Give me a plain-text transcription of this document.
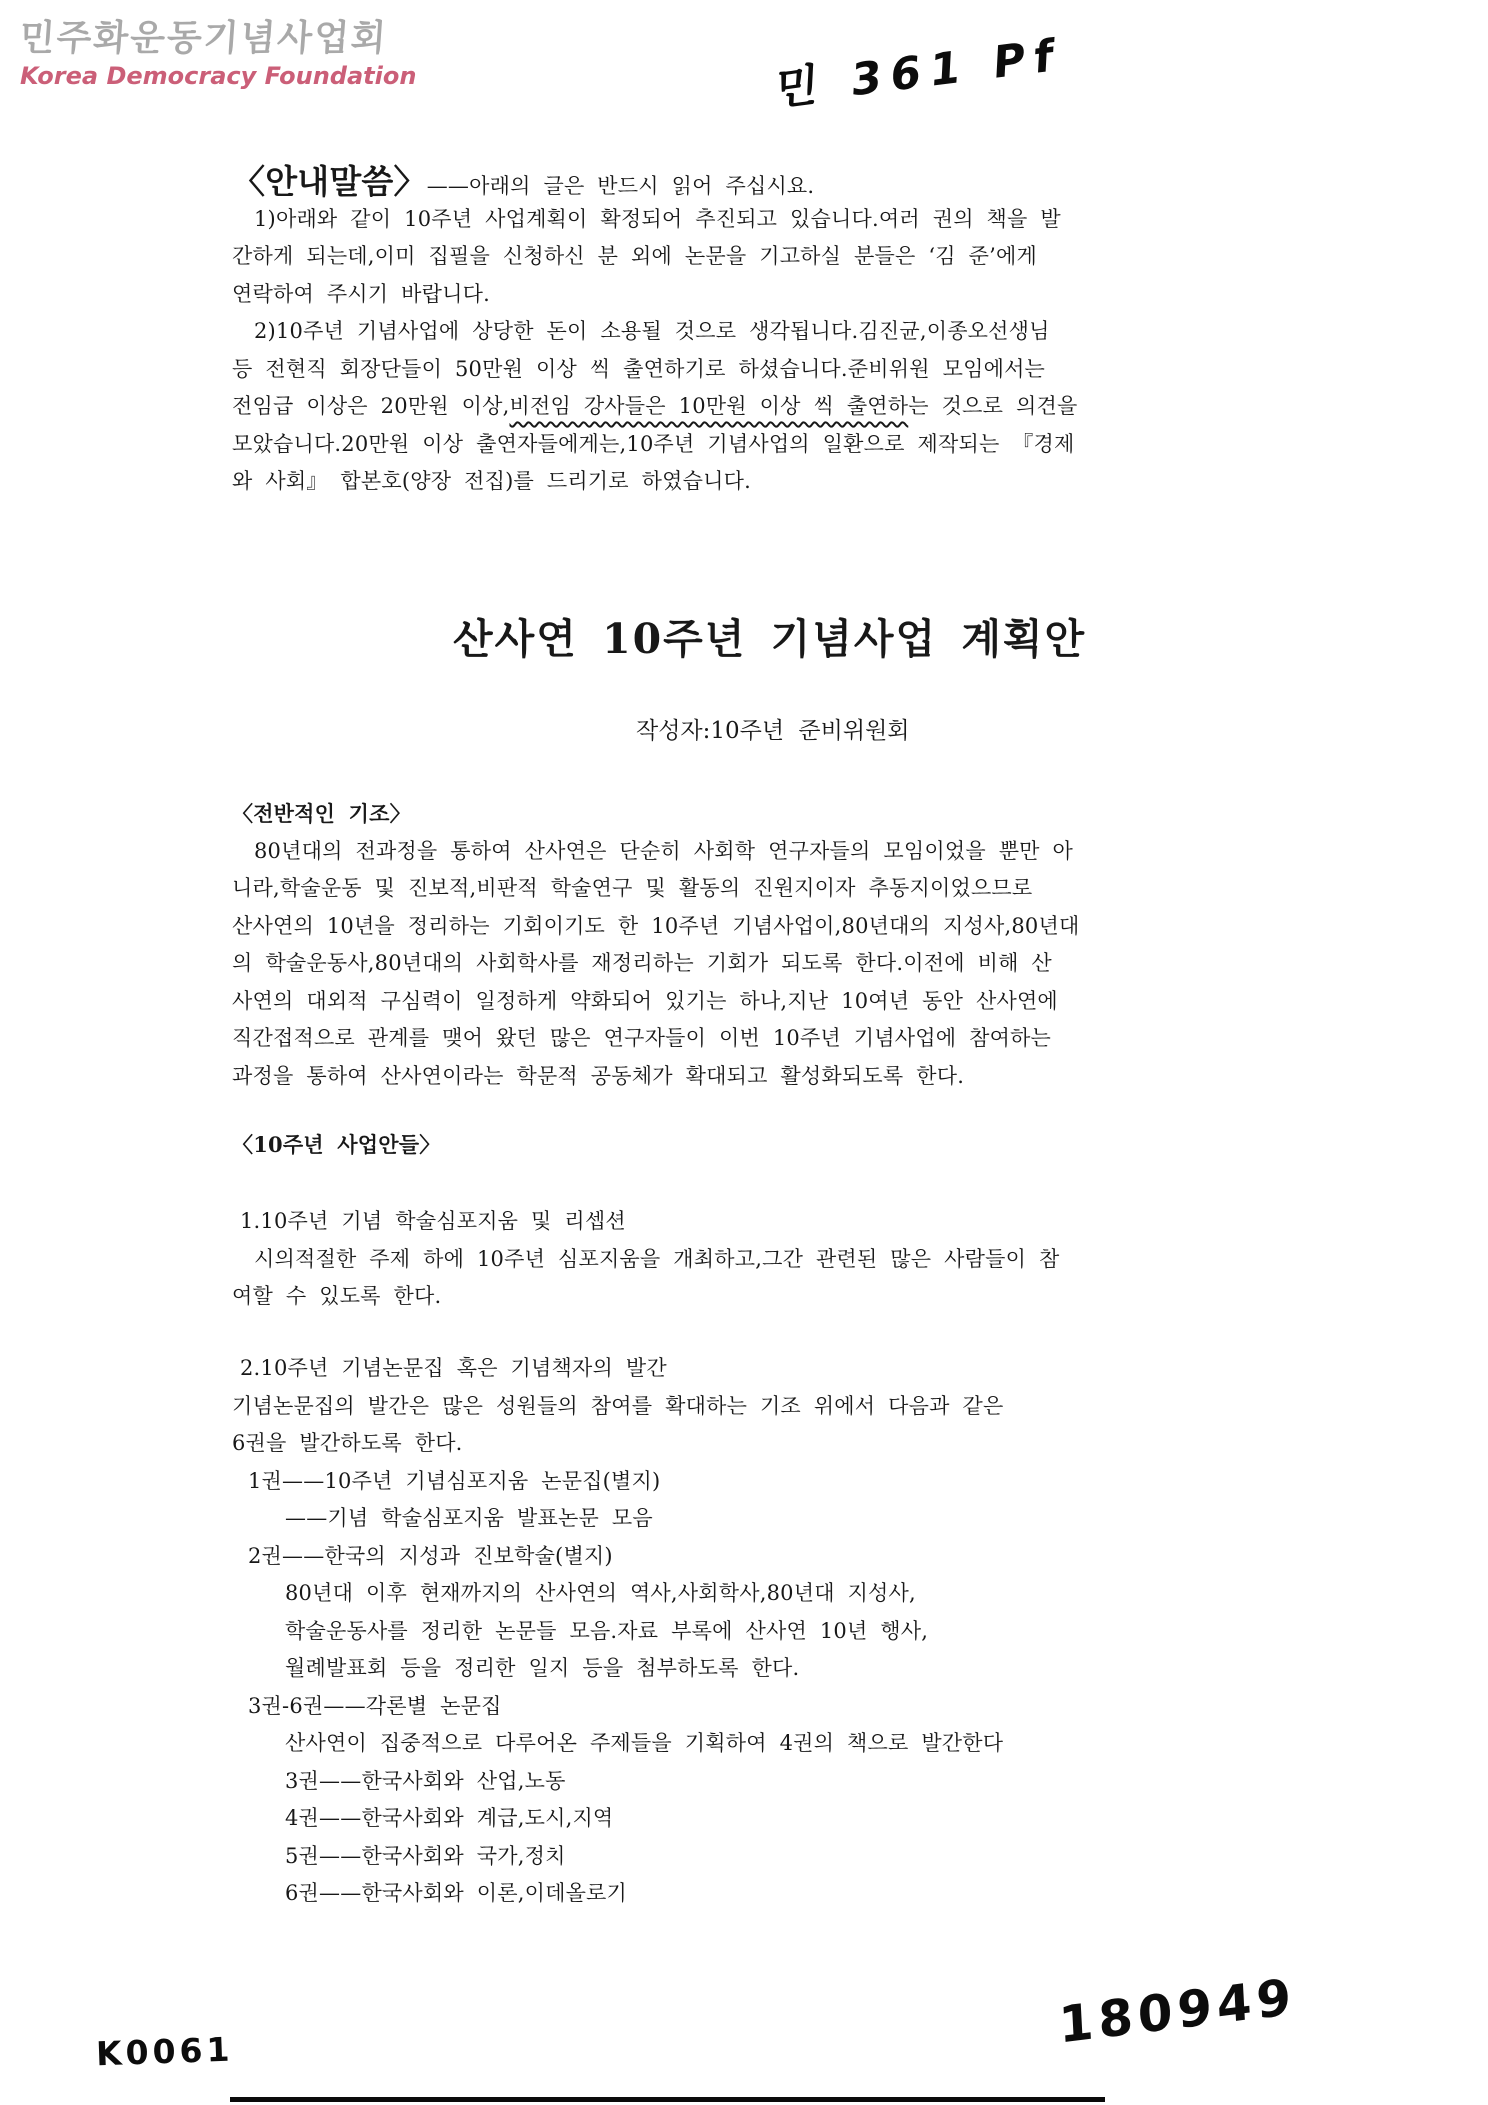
민주화운동기념사업회
Korea Democracy Foundation	민 361 Pf
〈안내말씀〉——아래의 글은 반드시 읽어 주십시요.
1)아래와 같이 10주년 사업계획이 확정되어 추진되고 있습니다.여러 권의 책을 발
간하게 되는데,이미 집필을 신청하신 분 외에 논문을 기고하실 분들은 ‘김 준’에게
연락하여 주시기 바랍니다.
2)10주년 기념사업에 상당한 돈이 소용될 것으로 생각됩니다.김진균,이종오선생님
등 전현직 회장단들이 50만원 이상 씩 출연하기로 하셨습니다.준비위원 모임에서는
전임급 이상은 20만원 이상,비전임 강사들은 10만원 이상 씩 출연하는 것으로 의견을
모았습니다.20만원 이상 출연자들에게는,10주년 기념사업의 일환으로 제작되는 『경제
와 사회』 합본호(양장 전집)를 드리기로 하였습니다.
산사연 10주년 기념사업 계획안
작성자:10주년 준비위원회
〈전반적인 기조〉
80년대의 전과정을 통하여 산사연은 단순히 사회학 연구자들의 모임이었을 뿐만 아
니라,학술운동 및 진보적,비판적 학술연구 및 활동의 진원지이자 추동지이었으므로
산사연의 10년을 정리하는 기회이기도 한 10주년 기념사업이,80년대의 지성사,80년대
의 학술운동사,80년대의 사회학사를 재정리하는 기회가 되도록 한다.이전에 비해 산
사연의 대외적 구심력이 일정하게 약화되어 있기는 하나,지난 10여년 동안 산사연에
직간접적으로 관계를 맺어 왔던 많은 연구자들이 이번 10주년 기념사업에 참여하는
과정을 통하여 산사연이라는 학문적 공동체가 확대되고 활성화되도록 한다.
〈10주년 사업안들〉
1.10주년 기념 학술심포지움 및 리셉션
시의적절한 주제 하에 10주년 심포지움을 개최하고,그간 관련된 많은 사람들이 참
여할 수 있도록 한다.
2.10주년 기념논문집 혹은 기념책자의 발간
기념논문집의 발간은 많은 성원들의 참여를 확대하는 기조 위에서 다음과 같은
6권을 발간하도록 한다.
1권——10주년 기념심포지움 논문집(별지)
——기념 학술심포지움 발표논문 모음
2권——한국의 지성과 진보학술(별지)
80년대 이후 현재까지의 산사연의 역사,사회학사,80년대 지성사,
학술운동사를 정리한 논문들 모음.자료 부록에 산사연 10년 행사,
월례발표회 등을 정리한 일지 등을 첨부하도록 한다.
3권-6권——각론별 논문집
산사연이 집중적으로 다루어온 주제들을 기획하여 4권의 책으로 발간한다
3권——한국사회와 산업,노동
4권——한국사회와 계급,도시,지역
5권——한국사회와 국가,정치
6권——한국사회와 이론,이데올로기
180949
K0061
